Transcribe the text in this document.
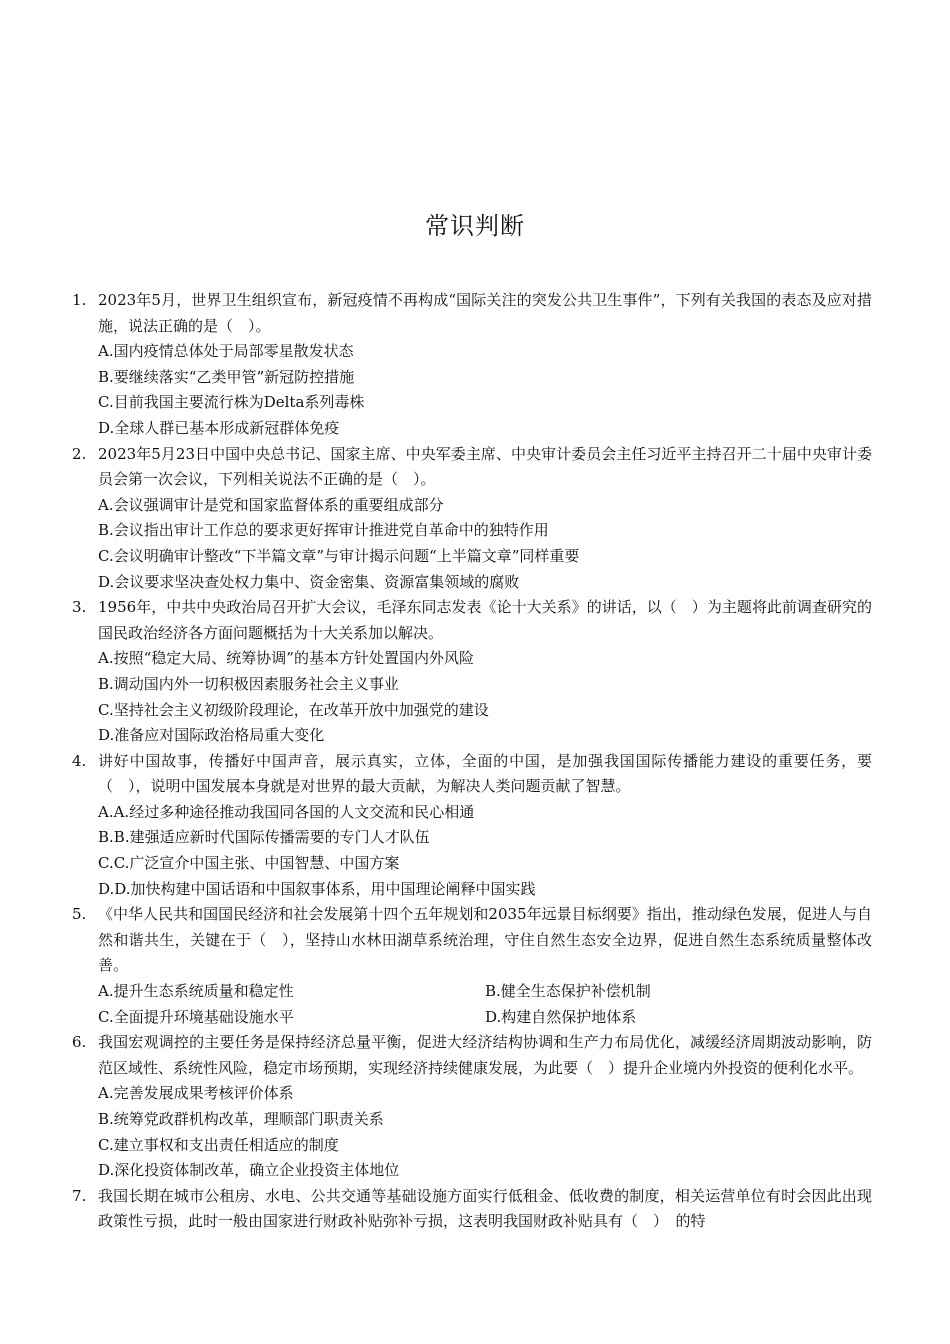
常识判断
1. 2023年5月，世界卫生组织宣布，新冠疫情不再构成“国际关注的突发公共卫生事件”，下列有关我国的表态及应对措施，说法正确的是（　）。
A.国内疫情总体处于局部零星散发状态
B.要继续落实“乙类甲管”新冠防控措施
C.目前我国主要流行株为Delta系列毒株
D.全球人群已基本形成新冠群体免疫
2. 2023年5月23日中国中央总书记、国家主席、中央军委主席、中央审计委员会主任习近平主持召开二十届中央审计委员会第一次会议，下列相关说法不正确的是（　）。
A.会议强调审计是党和国家监督体系的重要组成部分
B.会议指出审计工作总的要求更好挥审计推进党自革命中的独特作用
C.会议明确审计整改“下半篇文章”与审计揭示问题“上半篇文章”同样重要
D.会议要求坚决查处权力集中、资金密集、资源富集领域的腐败
3. 1956年，中共中央政治局召开扩大会议，毛泽东同志发表《论十大关系》的讲话，以（　）为主题将此前调查研究的国民政治经济各方面问题概括为十大关系加以解决。
A.按照“稳定大局、统筹协调”的基本方针处置国内外风险
B.调动国内外一切积极因素服务社会主义事业
C.坚持社会主义初级阶段理论，在改革开放中加强党的建设
D.准备应对国际政治格局重大变化
4. 讲好中国故事，传播好中国声音，展示真实，立体，全面的中国，是加强我国国际传播能力建设的重要任务，要（　），说明中国发展本身就是对世界的最大贡献，为解决人类问题贡献了智慧。
A.A.经过多种途径推动我国同各国的人文交流和民心相通
B.B.建强适应新时代国际传播需要的专门人才队伍
C.C.广泛宣介中国主张、中国智慧、中国方案
D.D.加快构建中国话语和中国叙事体系，用中国理论阐释中国实践
5. 《中华人民共和国国民经济和社会发展第十四个五年规划和2035年远景目标纲要》指出，推动绿色发展，促进人与自然和谐共生，关键在于（　），坚持山水林田湖草系统治理，守住自然生态安全边界，促进自然生态系统质量整体改善。
A.提升生态系统质量和稳定性	B.健全生态保护补偿机制
C.全面提升环境基础设施水平	D.构建自然保护地体系
6. 我国宏观调控的主要任务是保持经济总量平衡，促进大经济结构协调和生产力布局优化，减缓经济周期波动影响，防范区域性、系统性风险，稳定市场预期，实现经济持续健康发展，为此要（　）提升企业境内外投资的便利化水平。
A.完善发展成果考核评价体系
B.统筹党政群机构改革，理顺部门职责关系
C.建立事权和支出责任相适应的制度
D.深化投资体制改革，确立企业投资主体地位
7. 我国长期在城市公租房、水电、公共交通等基础设施方面实行低租金、低收费的制度，相关运营单位有时会因此出现政策性亏损，此时一般由国家进行财政补贴弥补亏损，这表明我国财政补贴具有（　）　的特
